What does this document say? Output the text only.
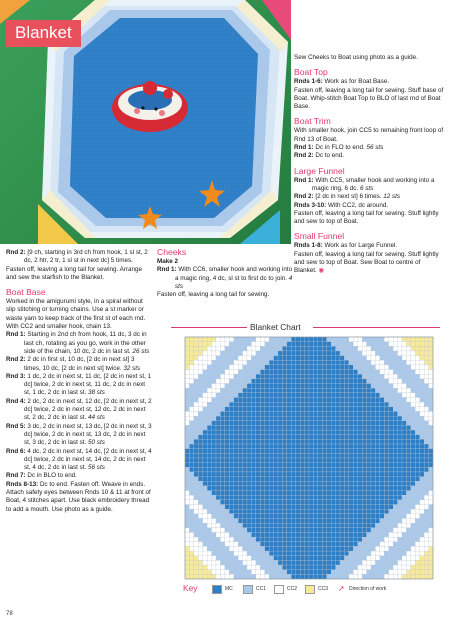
Blanket

Rnd 2: [9 ch, starting in 3rd ch from hook, 1 sl st, 2 dc, 2 htr, 2 tr, 1 sl st in next dc] 5 times.

Fasten off, leaving a long tail for sewing. Arrange and sew the starfish to the Blanket.

Boat Base

Worked in the amigurumi style, in a spiral without slip stitching or turning chains. Use a st marker or waste yarn to keep track of the first st of each rnd.

With CC2 and smaller hook, chain 13.

Rnd 1: Starting in 2nd ch from hook, 11 dc, 3 dc in last ch, rotating as you go, work in the other side of the chain, 10 dc, 2 dc in last st. 26 sts

Rnd 2: 2 dc in first st, 10 dc, [2 dc in next st] 3 times, 10 dc, [2 dc in next st] twice. 32 sts

Rnd 3: 1 dc, 2 dc in next st, 11 dc, [2 dc in next st, 1 dc] twice, 2 dc in next st, 11 dc, 2 dc in next st, 1 dc, 2 dc in last st. 38 sts

Rnd 4: 2 dc, 2 dc in next st, 12 dc, [2 dc in next st, 2 dc] twice, 2 dc in next st, 12 dc, 2 dc in next st, 2 dc, 2 dc in last st. 44 sts

Rnd 5: 3 dc, 2 dc in next st, 13 dc, [2 dc in next st, 3 dc] twice, 2 dc in next st, 13 dc, 2 dc in next st, 3 dc, 2 dc in last st. 50 sts

Rnd 6: 4 dc, 2 dc in next st, 14 dc, [2 dc in next st, 4 dc] twice, 2 dc in next st, 14 dc, 2 dc in next st, 4 dc, 2 dc in last st. 56 sts

Rnd 7: Dc in BLO to end.

Rnds 8-13: Dc to end. Fasten off. Weave in ends.

Attach safety eyes between Rnds 10 & 11 at front of Boat, 4 stitches apart. Use black embroidery thread to add a mouth. Use photo as a guide.

Cheeks

Make 2

Rnd 1: With CC6, smaller hook and working into a magic ring, 4 dc, sl st to first dc to join. 4 sts

Fasten off, leaving a long tail for sewing.

Sew Cheeks to Boat using photo as a guide.

Boat Top

Rnds 1-6: Work as for Boat Base.

Fasten off, leaving a long tail for sewing. Stuff base of Boat. Whip-stitch Boat Top to BLO of last rnd of Boat Base.

Boat Trim

With smaller hook, join CC5 to remaining front loop of Rnd 13 of Boat.

Rnd 1: Dc in FLO to end. 56 sts

Rnd 2: Dc to end.

Large Funnel

Rnd 1: With CC5, smaller hook and working into a magic ring, 6 dc. 6 sts

Rnd 2: [2 dc in next st] 6 times. 12 sts

Rnds 3-10: With CC2, dc around.

Fasten off, leaving a long tail for sewing. Stuff lightly and sew to top of Boat.

Small Funnel

Rnds 1-8: Work as for Large Funnel.

Fasten off, leaving a long tail for sewing. Stuff lightly and sew to top of Boat. Sew Boat to centre of Blanket. ◉

Blanket Chart
Key	MC	CC1	CC2	CC3 ➚ Direction of work
78
